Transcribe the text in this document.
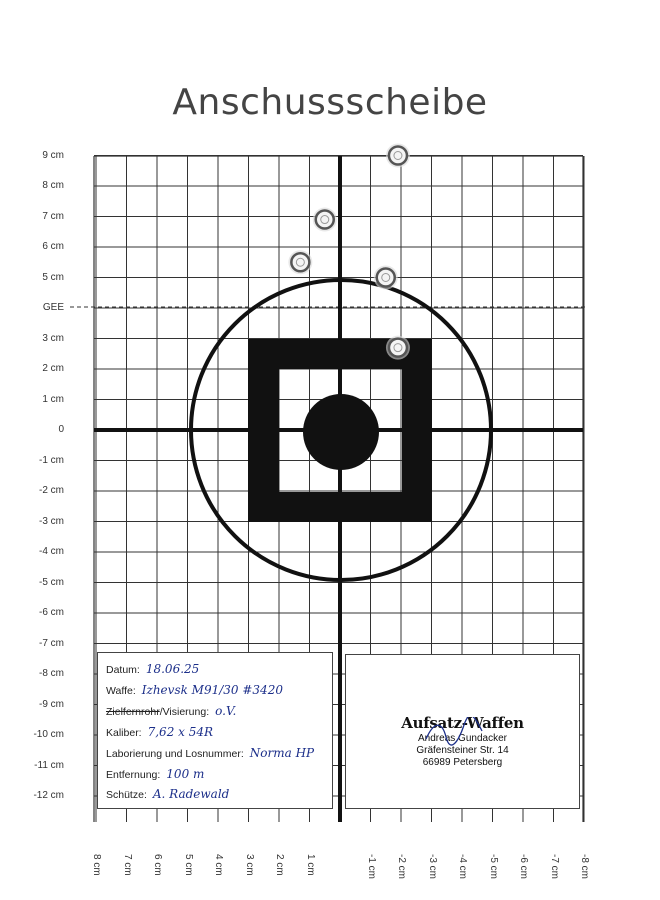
Anschussscheibe
9 cm
8 cm
7 cm
6 cm
5 cm
GEE
3 cm
2 cm
1 cm
0
-1 cm
-2 cm
-3 cm
-4 cm
-5 cm
-6 cm
-7 cm
-8 cm
-9 cm
-10 cm
-11 cm
-12 cm
8 cm 7 cm 6 cm 5 cm 4 cm 3 cm 2 cm 1 cm	-1 cm -2 cm -3 cm -4 cm -5 cm -6 cm -7 cm -8 cm
Datum: 18.06.25
Waffe: Izhevsk M91/30 #3420
Zielfernrohr/Visierung: o.V.
Kaliber: 7,62 x 54R
Laborierung und Losnummer: Norma HP
Entfernung: 100 m
Schütze: A. Radewald
Aufsatz-Waffen
Andreas Gundacker
Gräfensteiner Str. 14
66989 Petersberg
